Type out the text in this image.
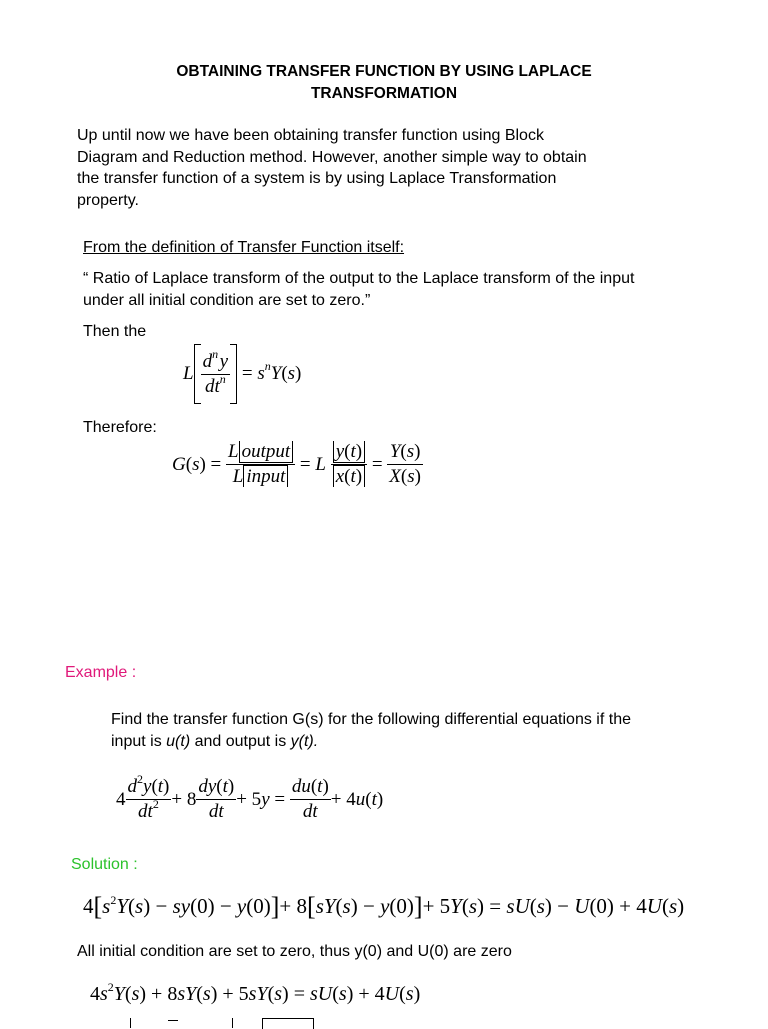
OBTAINING TRANSFER FUNCTION BY USING LAPLACE
TRANSFORMATION
Up until now we have been obtaining transfer function using Block
Diagram and Reduction method. However, another simple way to obtain
the transfer function of a system is by using Laplace Transformation
property.
From the definition of Transfer Function itself:
“ Ratio of Laplace transform of the output to the Laplace transform of the input
under all initial condition are set to zero.”
Then the
L $\frac{d^n y}{dt^n} = s^nY(s)$
Therefore:
$G(s) = \frac{\text{L output}}{\text{L input}} = L \frac{y(t)}{x(t)} = \frac{Y(s)}{X(s)}$
Example :
Find the transfer function G(s) for the following differential equations if the
input is u(t) and output is y(t).
$4 \frac{d^2y(t)}{dt^2} + 8 \frac{dy(t)}{dt} + 5y = \frac{du(t)}{dt} + 4u(t)$
Solution :
$4[s^2Y(s) - sy(0) - y(0)]+ 8[sY(s) - y(0)]+ 5Y(s) = sU(s) - U(0) + 4U(s)$
All initial condition are set to zero, thus y(0) and U(0) are zero
$4s^2Y(s) + 8sY(s) + 5sY(s) = sU(s) + 4U(s)$
